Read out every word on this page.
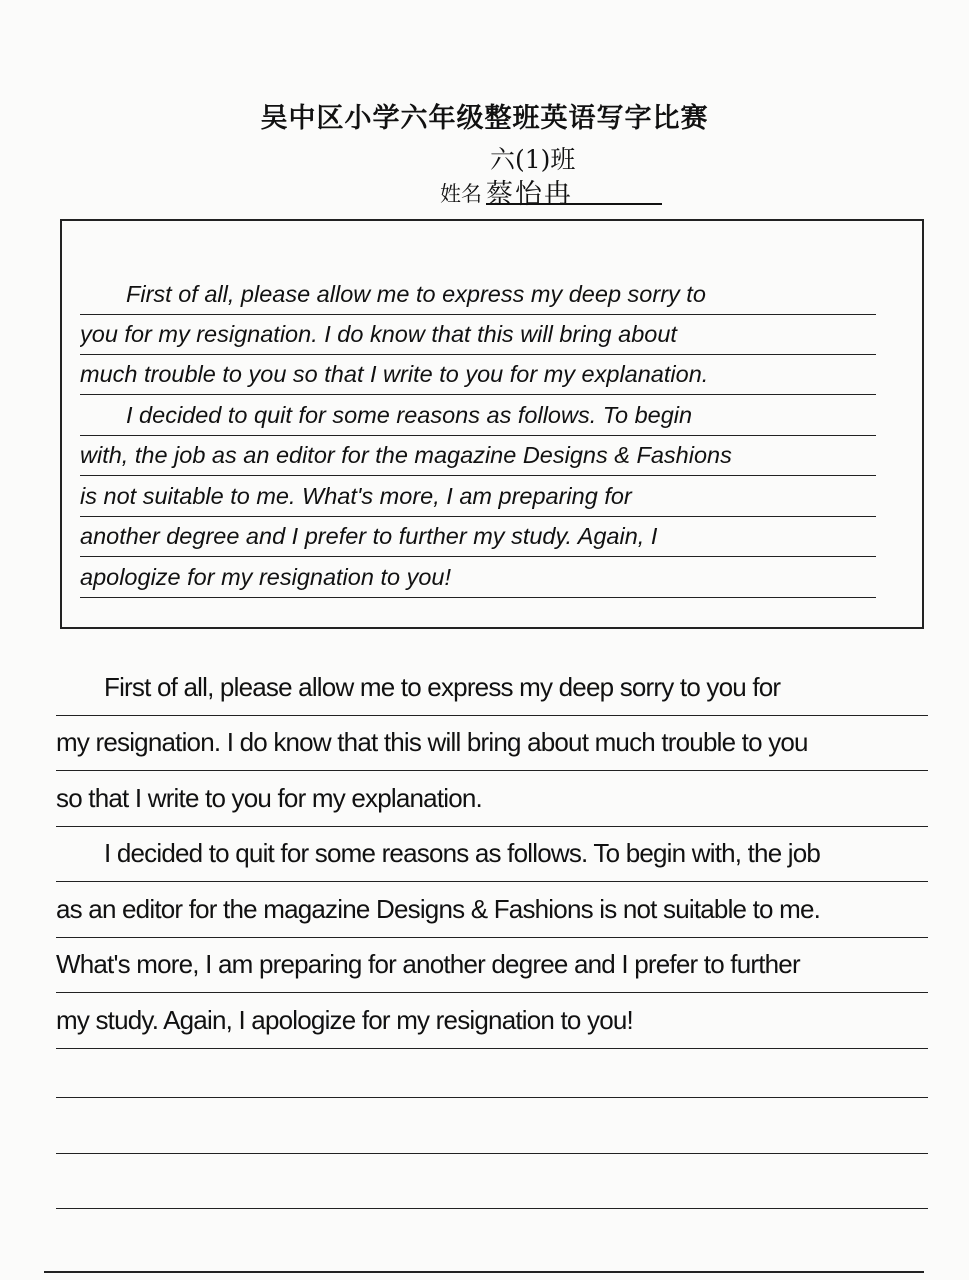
吴中区小学六年级整班英语写字比赛
六(1)班
姓名 蔡怡冉
First of all, please allow me to express my deep sorry to
you for my resignation. I do know that this will bring about
much trouble to you so that I write to you for my explanation.
I decided to quit for some reasons as follows. To begin
with, the job as an editor for the magazine Designs & Fashions
is not suitable to me. What's more, I am preparing for
another degree and I prefer to further my study. Again, I
apologize for my resignation to you!
First of all, please allow me to express my deep sorry to you for
my resignation. I do know that this will bring about much trouble to you
so that I write to you for my explanation.
I decided to quit for some reasons as follows. To begin with, the job
as an editor for the magazine Designs & Fashions is not suitable to me.
What's more, I am preparing for another degree and I prefer to further
my study. Again, I apologize for my resignation to you!
